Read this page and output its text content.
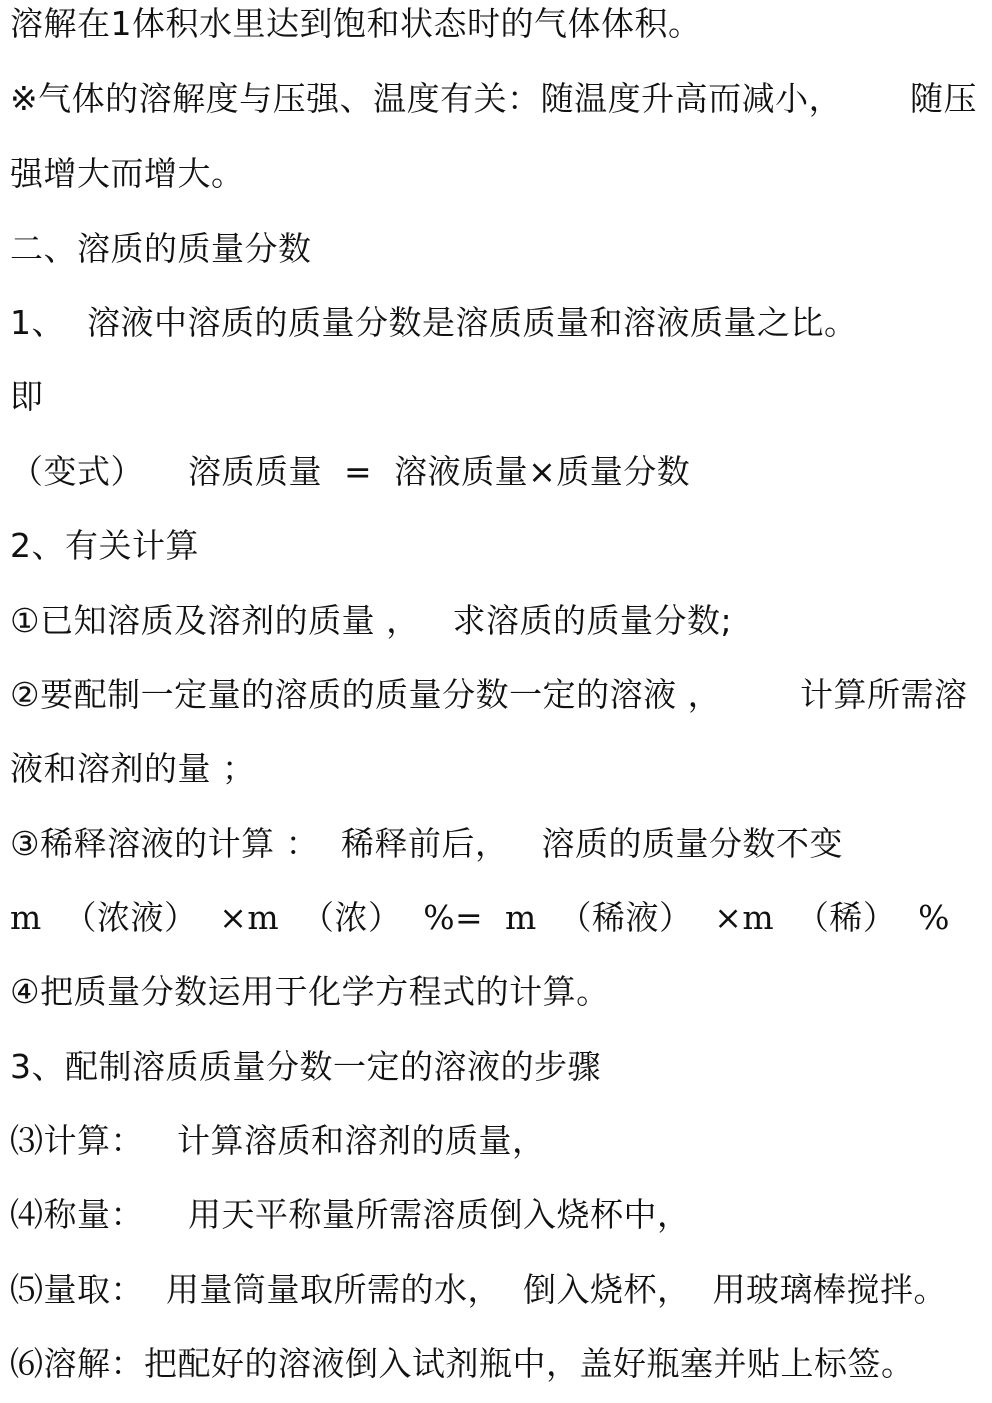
溶解在1体积水里达到饱和状态时的气体体积。
※气体的溶解度与压强、温度有关：随温度升高而减小， 随压
强增大而增大。
二、溶质的质量分数
1、  溶液中溶质的质量分数是溶质质量和溶液质量之比。
即
（变式）    溶质质量  =  溶液质量×质量分数
2、有关计算
①已知溶质及溶剂的质量 ，   求溶质的质量分数;
②要配制一定量的溶质的质量分数一定的溶液 ， 计算所需溶
液和溶剂的量 ；
③稀释溶液的计算 ：  稀释前后，   溶质的质量分数不变
m （浓液） ×m （浓） %= m （稀液） ×m （稀） %
④把质量分数运用于化学方程式的计算。
3、配制溶质质量分数一定的溶液的步骤
⑶计算：   计算溶质和溶剂的质量，
⑷称量：    用天平称量所需溶质倒入烧杯中，
⑸量取：  用量筒量取所需的水，  倒入烧杯，  用玻璃棒搅拌。
⑹溶解：把配好的溶液倒入试剂瓶中，盖好瓶塞并贴上标签。
